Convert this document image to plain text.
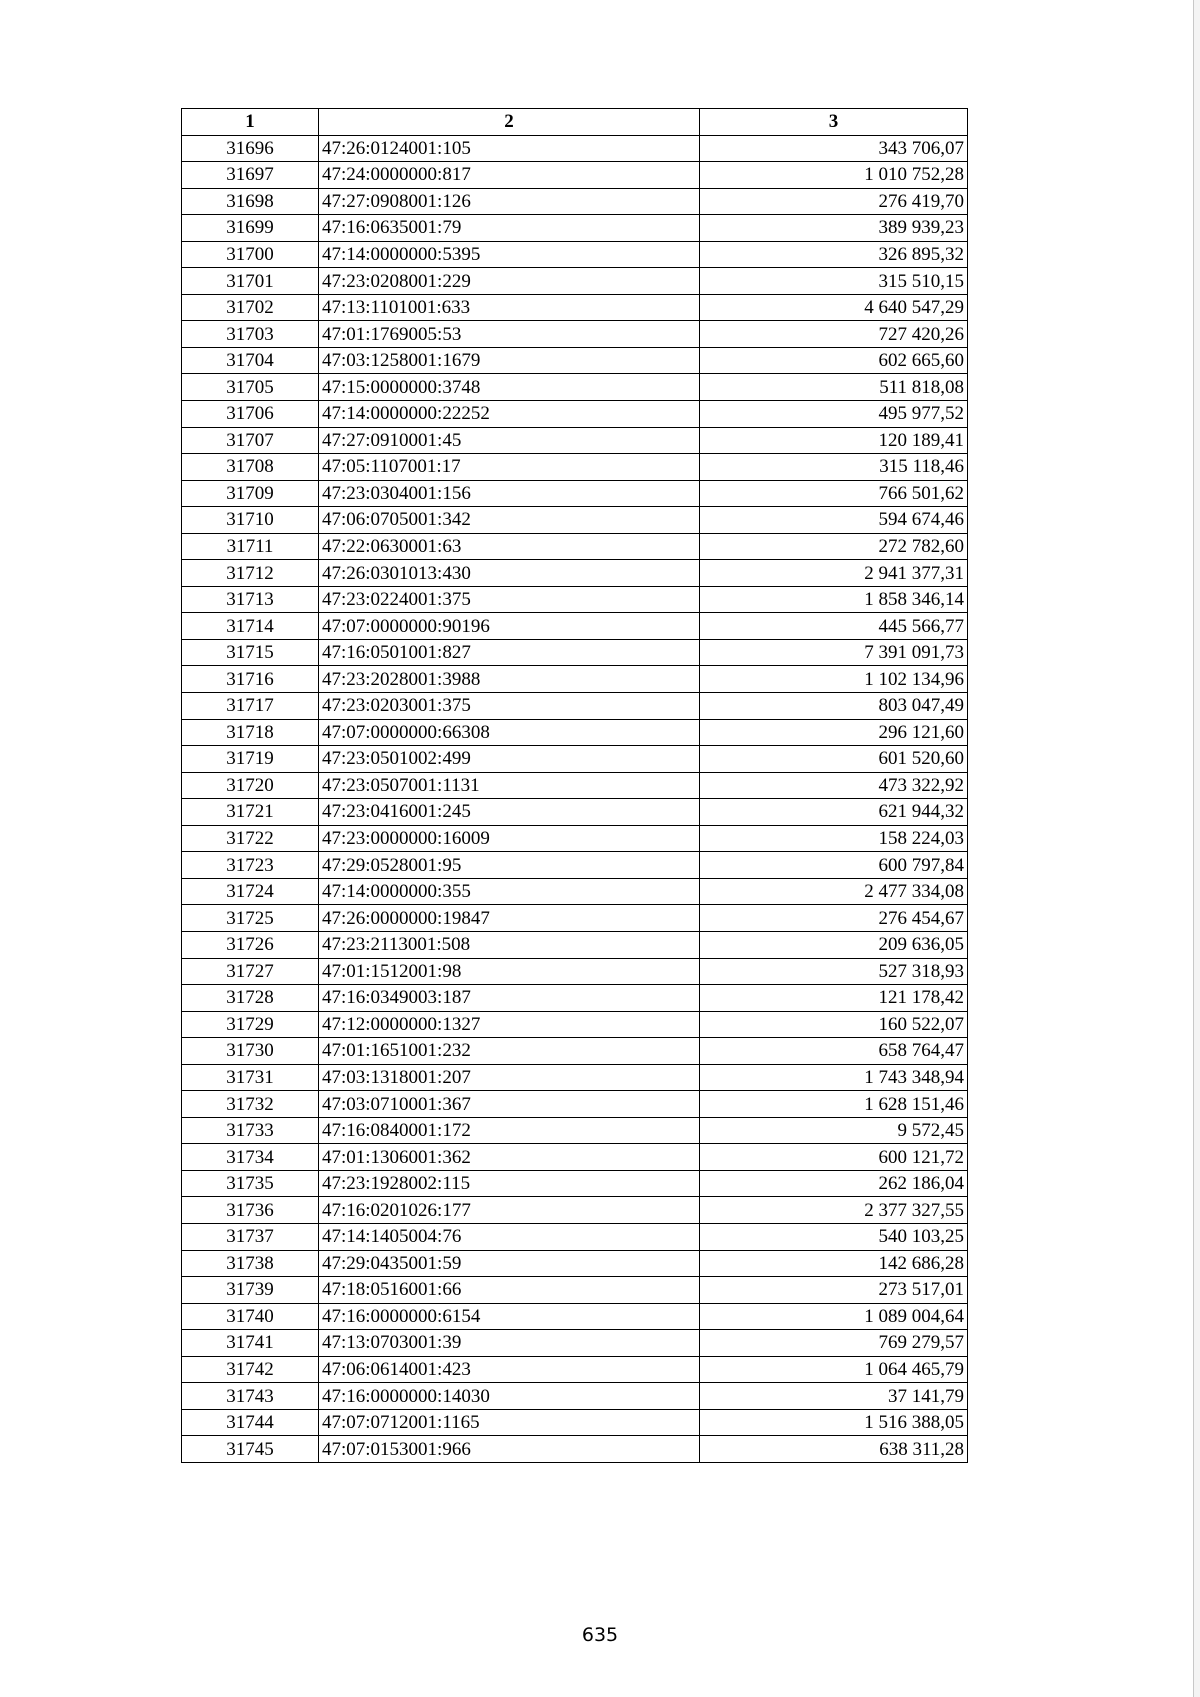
1	2	3
31696	47:26:0124001:105	343 706,07
31697	47:24:0000000:817	1 010 752,28
31698	47:27:0908001:126	276 419,70
31699	47:16:0635001:79	389 939,23
31700	47:14:0000000:5395	326 895,32
31701	47:23:0208001:229	315 510,15
31702	47:13:1101001:633	4 640 547,29
31703	47:01:1769005:53	727 420,26
31704	47:03:1258001:1679	602 665,60
31705	47:15:0000000:3748	511 818,08
31706	47:14:0000000:22252	495 977,52
31707	47:27:0910001:45	120 189,41
31708	47:05:1107001:17	315 118,46
31709	47:23:0304001:156	766 501,62
31710	47:06:0705001:342	594 674,46
31711	47:22:0630001:63	272 782,60
31712	47:26:0301013:430	2 941 377,31
31713	47:23:0224001:375	1 858 346,14
31714	47:07:0000000:90196	445 566,77
31715	47:16:0501001:827	7 391 091,73
31716	47:23:2028001:3988	1 102 134,96
31717	47:23:0203001:375	803 047,49
31718	47:07:0000000:66308	296 121,60
31719	47:23:0501002:499	601 520,60
31720	47:23:0507001:1131	473 322,92
31721	47:23:0416001:245	621 944,32
31722	47:23:0000000:16009	158 224,03
31723	47:29:0528001:95	600 797,84
31724	47:14:0000000:355	2 477 334,08
31725	47:26:0000000:19847	276 454,67
31726	47:23:2113001:508	209 636,05
31727	47:01:1512001:98	527 318,93
31728	47:16:0349003:187	121 178,42
31729	47:12:0000000:1327	160 522,07
31730	47:01:1651001:232	658 764,47
31731	47:03:1318001:207	1 743 348,94
31732	47:03:0710001:367	1 628 151,46
31733	47:16:0840001:172	9 572,45
31734	47:01:1306001:362	600 121,72
31735	47:23:1928002:115	262 186,04
31736	47:16:0201026:177	2 377 327,55
31737	47:14:1405004:76	540 103,25
31738	47:29:0435001:59	142 686,28
31739	47:18:0516001:66	273 517,01
31740	47:16:0000000:6154	1 089 004,64
31741	47:13:0703001:39	769 279,57
31742	47:06:0614001:423	1 064 465,79
31743	47:16:0000000:14030	37 141,79
31744	47:07:0712001:1165	1 516 388,05
31745	47:07:0153001:966	638 311,28
635
